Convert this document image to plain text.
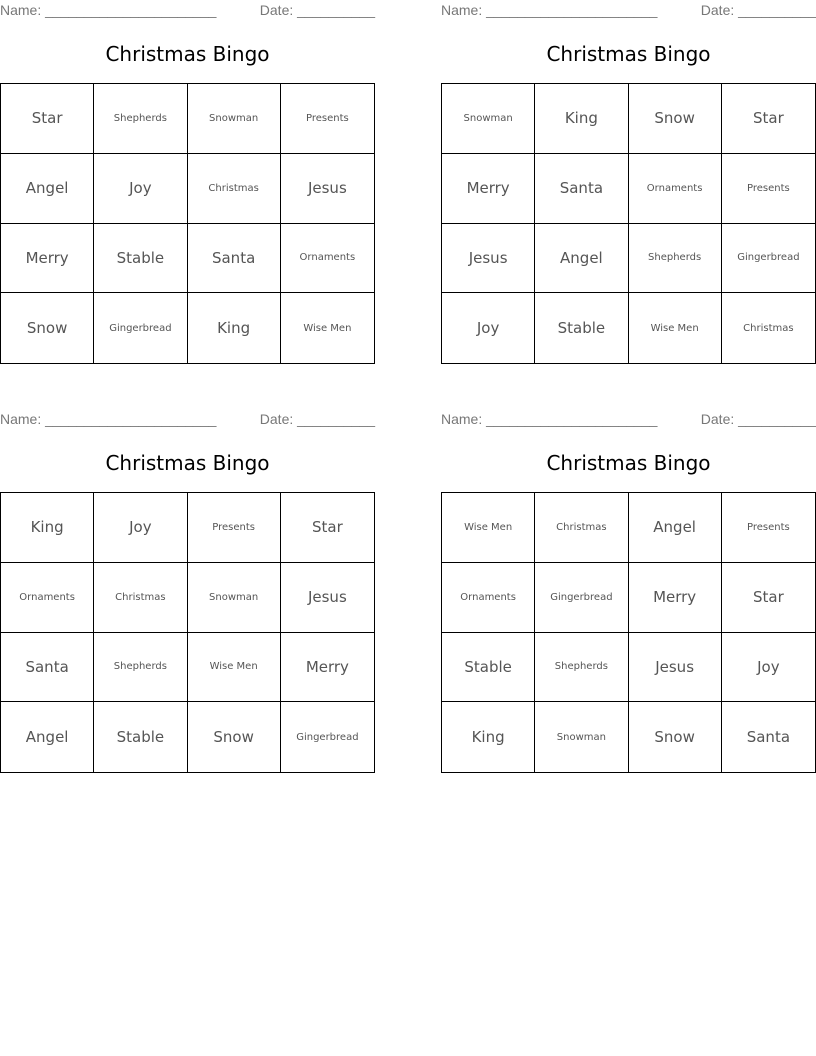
Name: ______________________	Date: __________
Christmas Bingo
Star	Shepherds	Snowman	Presents
Angel	Joy	Christmas	Jesus
Merry	Stable	Santa	Ornaments
Snow	Gingerbread	King	Wise Men
Name: ______________________	Date: __________
Christmas Bingo
Snowman	King	Snow	Star
Merry	Santa	Ornaments	Presents
Jesus	Angel	Shepherds	Gingerbread
Joy	Stable	Wise Men	Christmas
Name: ______________________	Date: __________
Christmas Bingo
King	Joy	Presents	Star
Ornaments	Christmas	Snowman	Jesus
Santa	Shepherds	Wise Men	Merry
Angel	Stable	Snow	Gingerbread
Name: ______________________	Date: __________
Christmas Bingo
Wise Men	Christmas	Angel	Presents
Ornaments	Gingerbread	Merry	Star
Stable	Shepherds	Jesus	Joy
King	Snowman	Snow	Santa
